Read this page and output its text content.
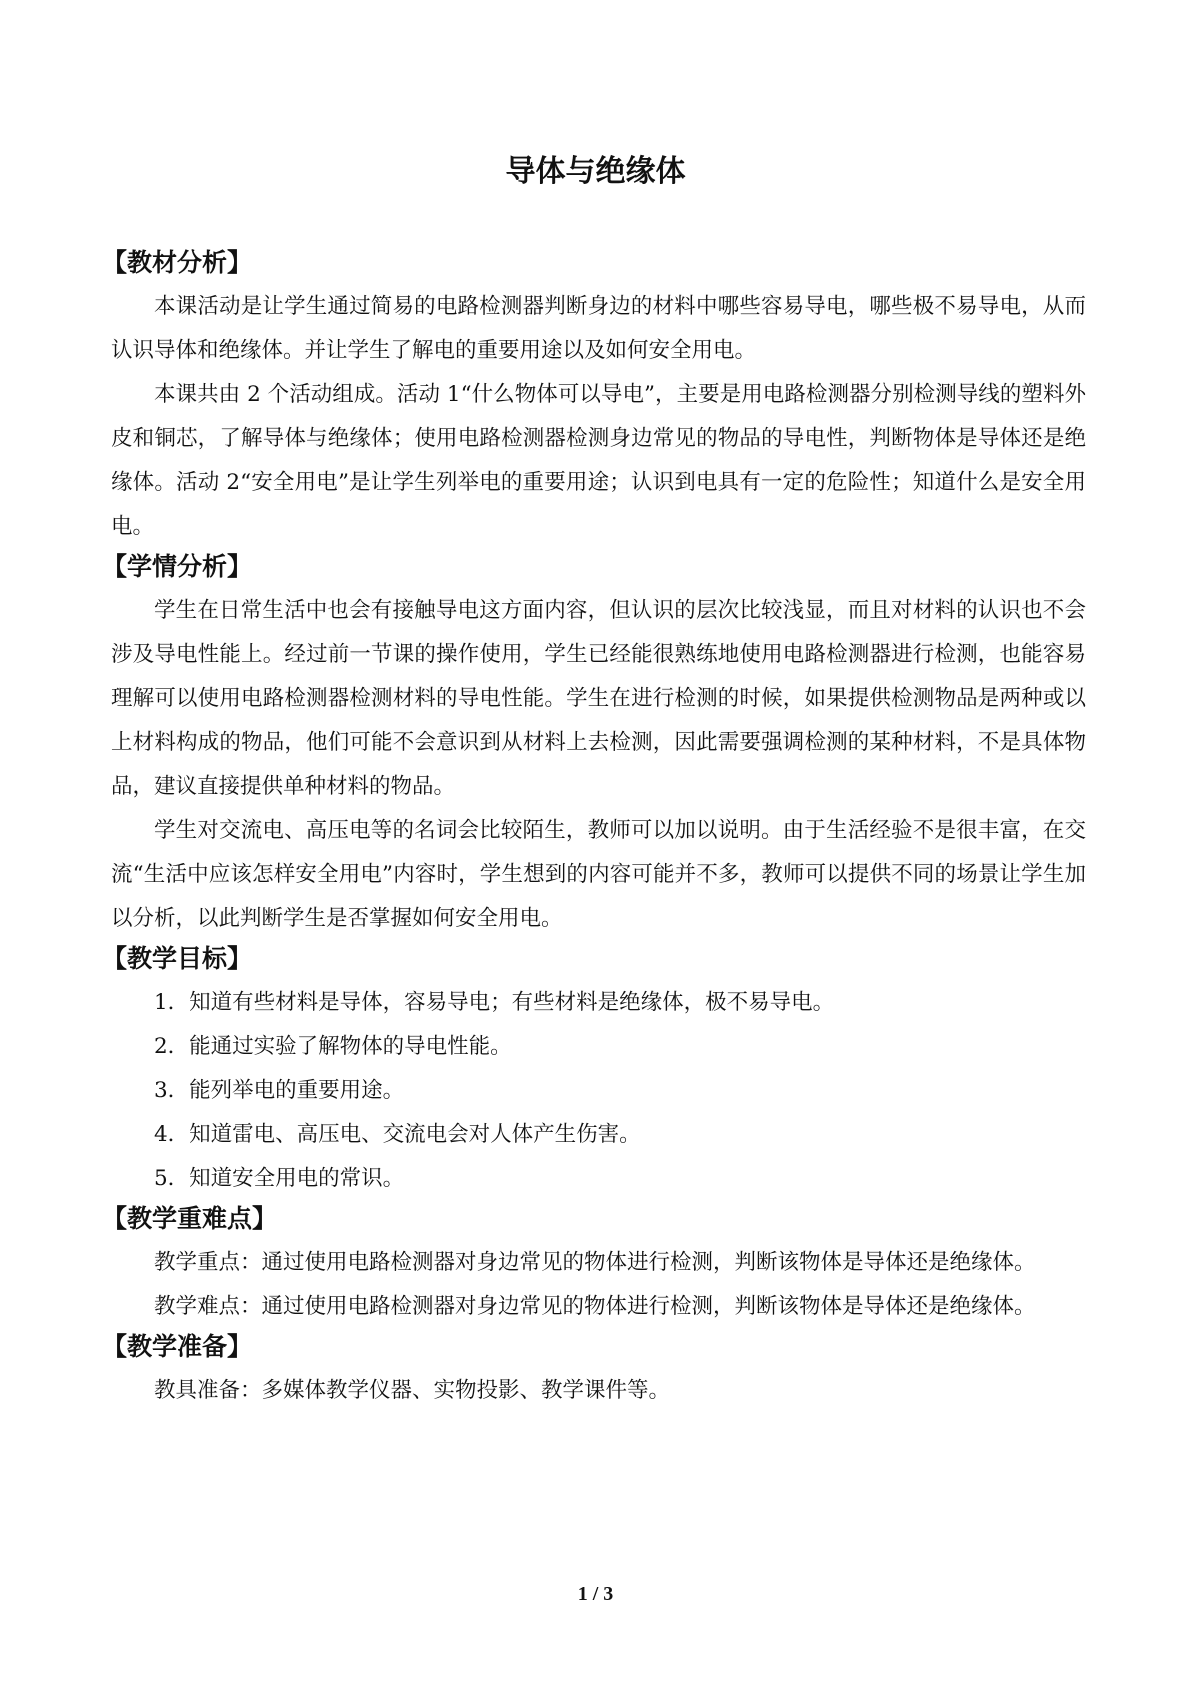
导体与绝缘体
【教材分析】

本课活动是让学生通过简易的电路检测器判断身边的材料中哪些容易导电，哪些极不易导电，从而认识导体和绝缘体。并让学生了解电的重要用途以及如何安全用电。

本课共由 2 个活动组成。活动 1“什么物体可以导电”，主要是用电路检测器分别检测导线的塑料外皮和铜芯，了解导体与绝缘体；使用电路检测器检测身边常见的物品的导电性，判断物体是导体还是绝缘体。活动 2“安全用电”是让学生列举电的重要用途；认识到电具有一定的危险性；知道什么是安全用电。

【学情分析】

学生在日常生活中也会有接触导电这方面内容，但认识的层次比较浅显，而且对材料的认识也不会涉及导电性能上。经过前一节课的操作使用，学生已经能很熟练地使用电路检测器进行检测，也能容易理解可以使用电路检测器检测材料的导电性能。学生在进行检测的时候，如果提供检测物品是两种或以上材料构成的物品，他们可能不会意识到从材料上去检测，因此需要强调检测的某种材料，不是具体物品，建议直接提供单种材料的物品。

学生对交流电、高压电等的名词会比较陌生，教师可以加以说明。由于生活经验不是很丰富，在交流“生活中应该怎样安全用电”内容时，学生想到的内容可能并不多，教师可以提供不同的场景让学生加以分析，以此判断学生是否掌握如何安全用电。

【教学目标】

1．知道有些材料是导体，容易导电；有些材料是绝缘体，极不易导电。

2．能通过实验了解物体的导电性能。

3．能列举电的重要用途。

4．知道雷电、高压电、交流电会对人体产生伤害。

5．知道安全用电的常识。

【教学重难点】

教学重点：通过使用电路检测器对身边常见的物体进行检测，判断该物体是导体还是绝缘体。

教学难点：通过使用电路检测器对身边常见的物体进行检测，判断该物体是导体还是绝缘体。

【教学准备】

教具准备：多媒体教学仪器、实物投影、教学课件等。

1 / 3
